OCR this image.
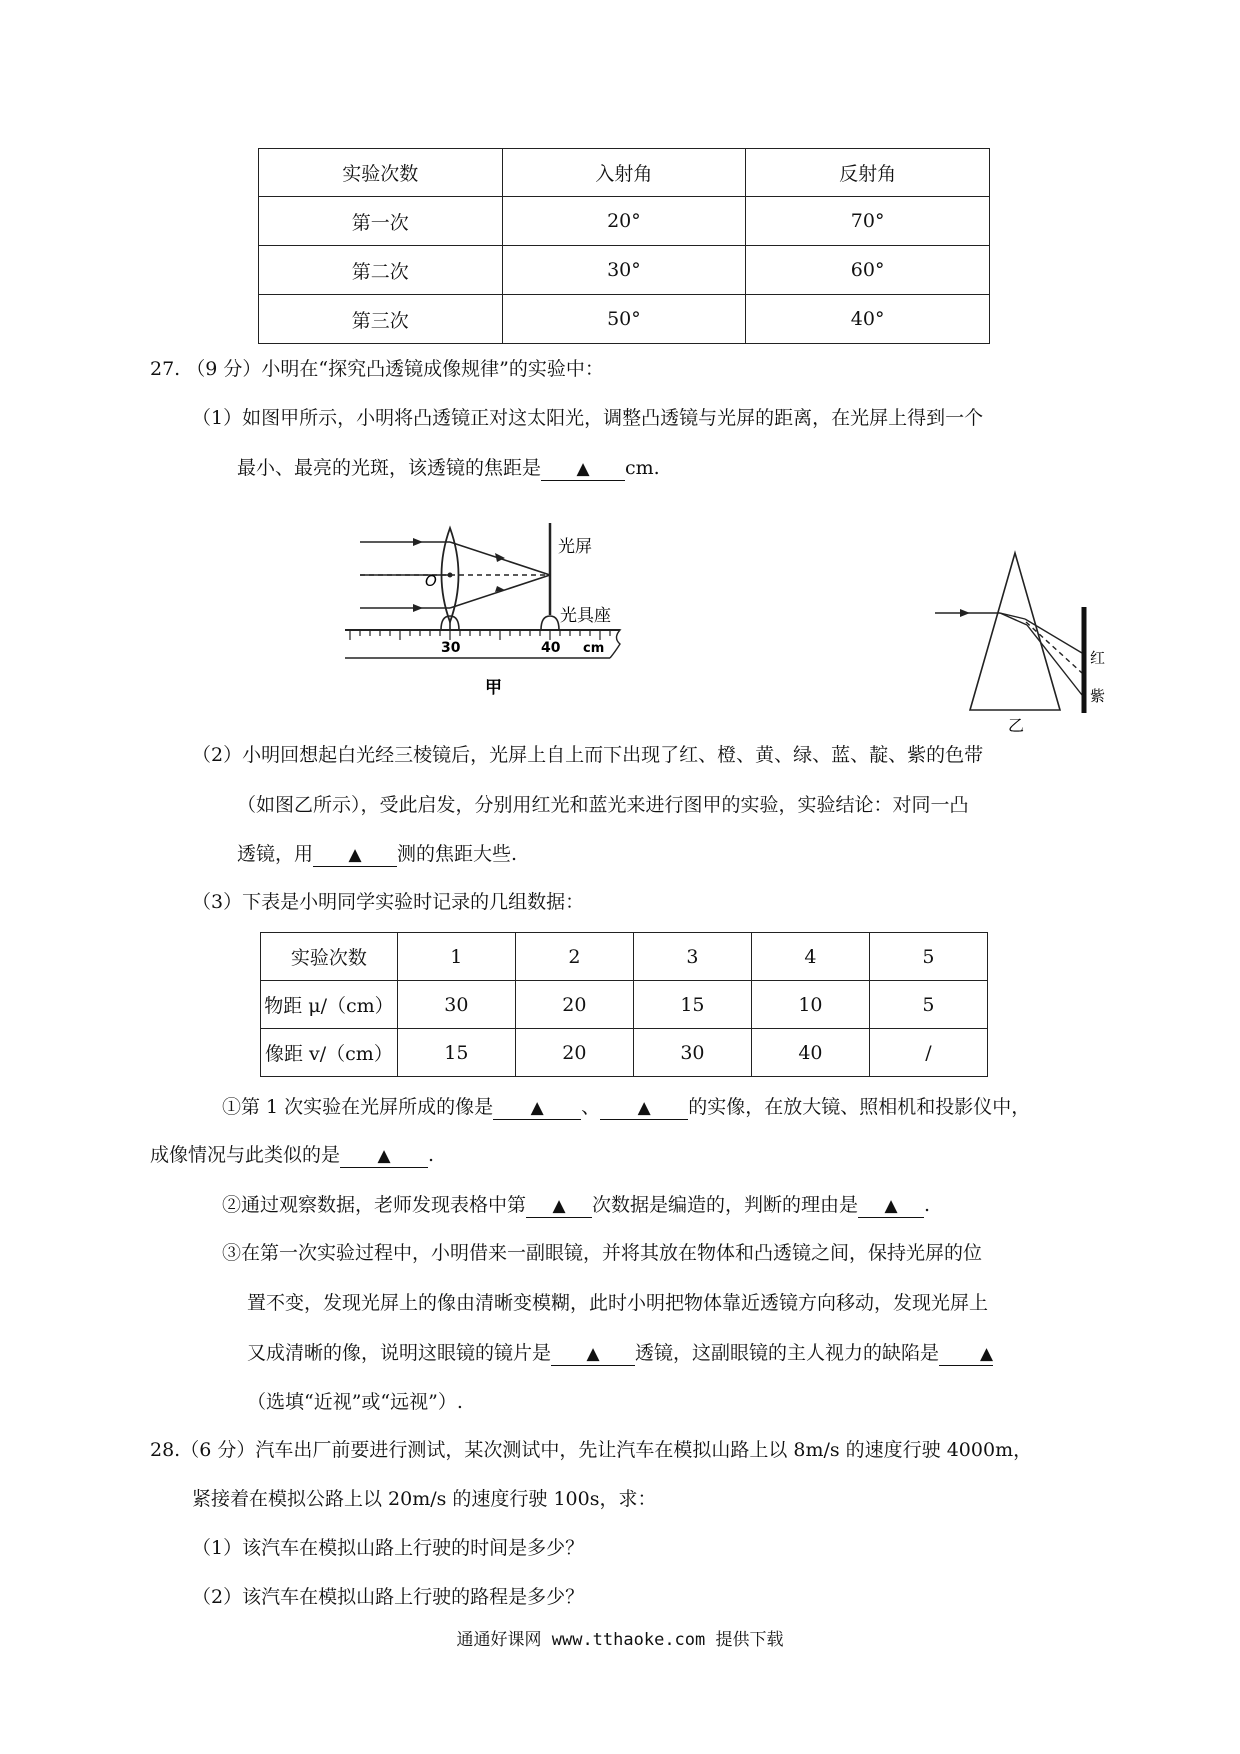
实验次数	入射角	反射角
第一次	20°	70°
第二次	30°	60°
第三次	50°	40°
27. （9 分）小明在“探究凸透镜成像规律”的实验中：
（1）如图甲所示，小明将凸透镜正对这太阳光，调整凸透镜与光屏的距离，在光屏上得到一个
最小、最亮的光斑，该透镜的焦距是 ▲ cm.
O
光屏
光具座
30	40 cm
甲
红
紫
乙
（2）小明回想起白光经三棱镜后，光屏上自上而下出现了红、橙、黄、绿、蓝、靛、紫的色带
（如图乙所示），受此启发，分别用红光和蓝光来进行图甲的实验，实验结论：对同一凸
透镜，用 ▲ 测的焦距大些.
（3）下表是小明同学实验时记录的几组数据：
实验次数	1	2	3	4	5
物距 μ/（cm）	30	20	15	10	5
像距 v/（cm）	15	20	30	40	/
①第 1 次实验在光屏所成的像是 ▲ 、 ▲ 的实像，在放大镜、照相机和投影仪中，
成像情况与此类似的是 ▲ .
②通过观察数据，老师发现表格中第 ▲ 次数据是编造的，判断的理由是 ▲ .
③在第一次实验过程中，小明借来一副眼镜，并将其放在物体和凸透镜之间，保持光屏的位
置不变，发现光屏上的像由清晰变模糊，此时小明把物体靠近透镜方向移动，发现光屏上
又成清晰的像，说明这眼镜的镜片是 ▲ 透镜，这副眼镜的主人视力的缺陷是 ▲
（选填“近视”或“远视”）.
28.（6 分）汽车出厂前要进行测试，某次测试中，先让汽车在模拟山路上以 8m/s 的速度行驶 4000m，
紧接着在模拟公路上以 20m/s 的速度行驶 100s，求：
（1）该汽车在模拟山路上行驶的时间是多少？
（2）该汽车在模拟山路上行驶的路程是多少？
通通好课网 www.tthaoke.com 提供下载
